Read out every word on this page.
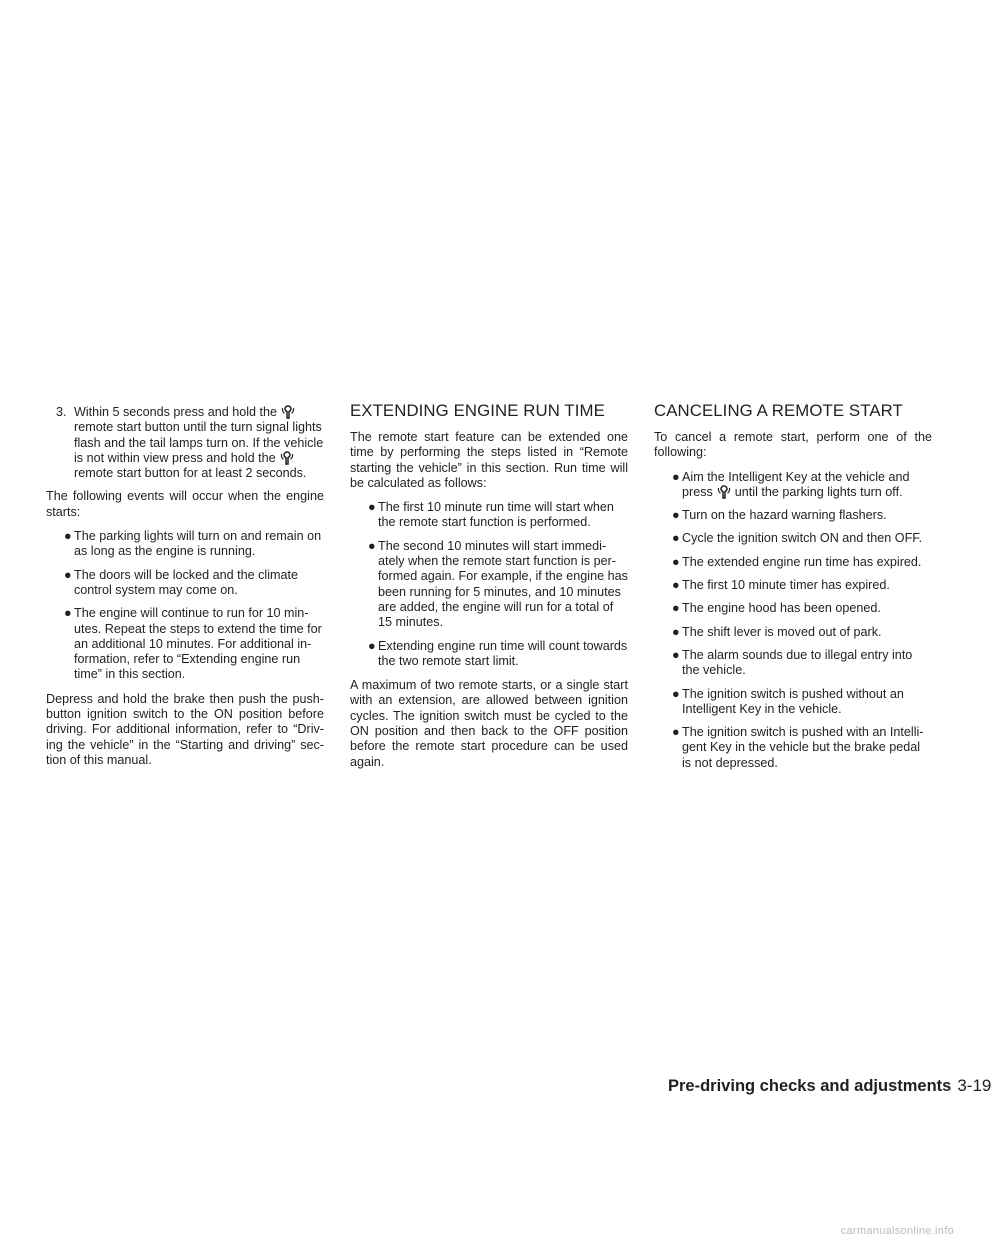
3. Within 5 seconds press and hold the
remote start button until the turn signal lights
flash and the tail lamps turn on. If the vehicle
is not within view press and hold the
remote start button for at least 2 seconds.

The following events will occur when the engine starts:

● The parking lights will turn on and remain on as long as the engine is running.
● The doors will be locked and the climate control system may come on.
● The engine will continue to run for 10 min-utes. Repeat the steps to extend the time for an additional 10 minutes. For additional in-formation, refer to “Extending engine run time” in this section.

Depress and hold the brake then push the push-button ignition switch to the ON position before driving. For additional information, refer to “Driv-ing the vehicle” in the “Starting and driving” sec-tion of this manual.

EXTENDING ENGINE RUN TIME

The remote start feature can be extended one time by performing the steps listed in “Remote starting the vehicle” in this section. Run time will be calculated as follows:

● The first 10 minute run time will start when the remote start function is performed.
● The second 10 minutes will start immedi-ately when the remote start function is per-formed again. For example, if the engine has been running for 5 minutes, and 10 minutes are added, the engine will run for a total of 15 minutes.
● Extending engine run time will count towards the two remote start limit.

A maximum of two remote starts, or a single start with an extension, are allowed between ignition cycles. The ignition switch must be cycled to the ON position and then back to the OFF position before the remote start procedure can be used again.

CANCELING A REMOTE START

To cancel a remote start, perform one of the following:

● Aim the Intelligent Key at the vehicle and
press until the parking lights turn off.
● Turn on the hazard warning flashers.
● Cycle the ignition switch ON and then OFF.
● The extended engine run time has expired.
● The first 10 minute timer has expired.
● The engine hood has been opened.
● The shift lever is moved out of park.
● The alarm sounds due to illegal entry into the vehicle.
● The ignition switch is pushed without an Intelligent Key in the vehicle.
● The ignition switch is pushed with an Intelli-gent Key in the vehicle but the brake pedal is not depressed.
Pre-driving checks and adjustments 3-19
carmanualsonline.info
